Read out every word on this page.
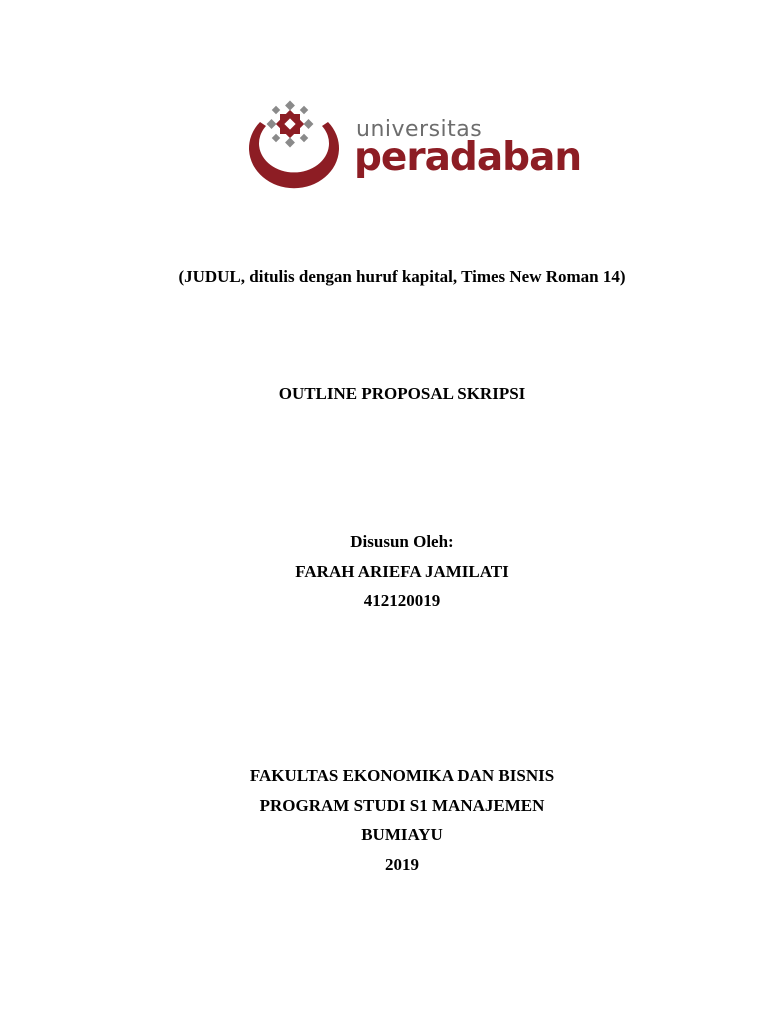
universitas
peradaban
(JUDUL, ditulis dengan huruf kapital, Times New Roman 14)
OUTLINE PROPOSAL SKRIPSI
Disusun Oleh:
FARAH ARIEFA JAMILATI
412120019
FAKULTAS EKONOMIKA DAN BISNIS
PROGRAM STUDI S1 MANAJEMEN
BUMIAYU
2019
